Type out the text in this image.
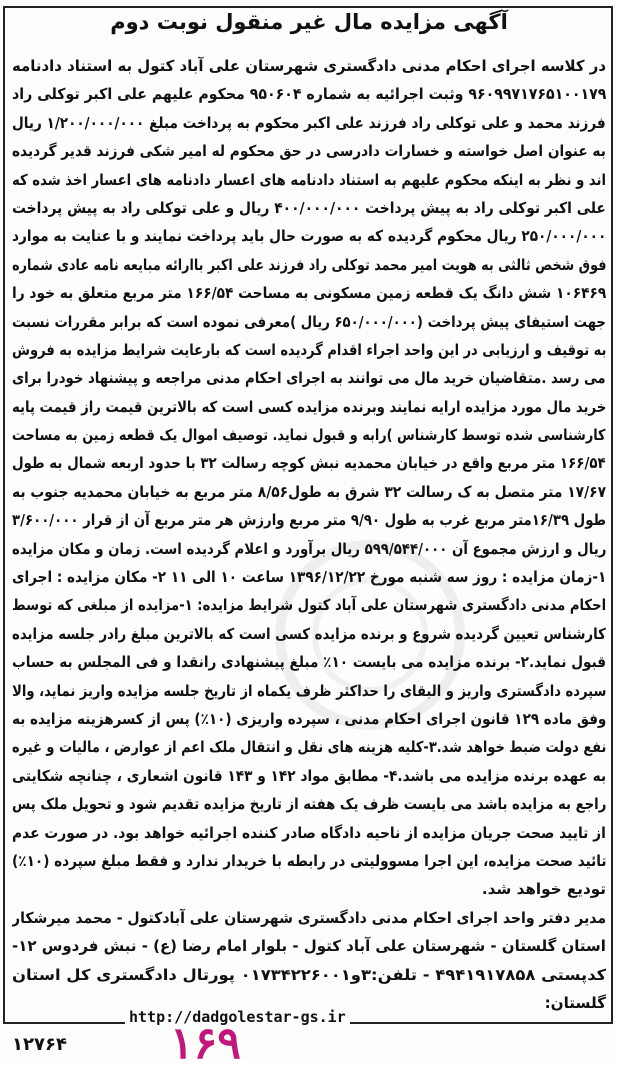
آگهی مزایده مال غیر منقول نوبت دوم
در کلاسه اجرای احکام مدنی دادگستری شهرستان علی آباد کتول به استناد دادنامه
۹۶۰۹۹۷۱۷۶۵۱۰۰۱۷۹ وثبت اجرائیه به شماره ۹۵۰۶۰۴ محکوم علیهم علی اکبر توکلی راد
فرزند محمد و علی توکلی راد فرزند علی اکبر محکوم به پرداخت مبلغ ۱/۲۰۰/۰۰۰/۰۰۰ ریال
به عنوان اصل خواسته و خسارات دادرسی در حق محکوم له امیر شکی فرزند قدیر گردیده
اند و نظر به اینکه محکوم علیهم به استناد دادنامه های اعسار دادنامه های اعسار اخذ شده که
علی اکبر توکلی راد به پیش پرداخت ۴۰۰/۰۰۰/۰۰۰ ریال و علی توکلی راد به پیش پرداخت
۲۵۰/۰۰۰/۰۰۰ ریال محکوم گردیده که به صورت حال باید پرداخت نمایند و با عنایت به موارد
فوق شخص ثالثی به هویت امیر محمد توکلی راد فرزند علی اکبر باارائه مبایعه نامه عادی شماره
۱۰۶۴۶۹ شش دانگ یک قطعه زمین مسکونی به مساحت ۱۶۶/۵۴ متر مربع متعلق به خود را
جهت استیفای پیش پرداخت (۶۵۰/۰۰۰/۰۰۰ ریال )معرفی نموده است که برابر مقررات نسبت
به توقیف و ارزیابی در این واحد اجراء اقدام گردیده است که بارعایت شرایط مزایده به فروش
می رسد .متقاضیان خرید مال می توانند به اجرای احکام مدنی مراجعه و پیشنهاد خودرا برای
خرید مال مورد مزایده ارایه نمایند وبرنده مزایده کسی است که بالاترین قیمت راز قیمت پایه
کارشناسی شده توسط کارشناس )رابه و قبول نماید. توصیف اموال یک قطعه زمین به مساحت
۱۶۶/۵۴ متر مربع واقع در خیابان محمدیه نبش کوچه رسالت ۳۲ با حدود اربعه شمال به طول
۱۷/۶۷ متر متصل به ک رسالت ۳۲ شرق به طول۸/۵۶ متر مربع به خیابان محمدیه جنوب به
طول ۱۶/۳۹متر مربع غرب به طول ۹/۹۰ متر مربع وارزش هر متر مربع آن از قرار ۳/۶۰۰/۰۰۰
ریال و ارزش مجموع آن ۵۹۹/۵۴۴/۰۰۰ ریال برآورد و اعلام گردیده است. زمان و مکان مزایده
۱-زمان مزایده : روز سه شنبه مورخ ۱۳۹۶/۱۲/۲۲ ساعت ۱۰ الی ۱۱ ۲- مکان مزایده : اجرای
احکام مدنی دادگستری شهرستان علی آباد کتول شرایط مزایده: ۱-مزایده از مبلغی که توسط
کارشناس تعیین گردیده شروع و برنده مزایده کسی است که بالاترین مبلغ رادر جلسه مزایده
قبول نماید.۲- برنده مزایده می بایست ۱۰٪ مبلغ پیشنهادی رانقدا و فی المجلس به حساب
سپرده دادگستری واریز و البقای را حداکثر ظرف یکماه از تاریخ جلسه مزایده واریز نماید، والا
وفق ماده ۱۲۹ قانون اجرای احکام مدنی ، سپرده واریزی (۱۰٪) پس از کسرهزینه مزایده به
نفع دولت ضبط خواهد شد.۳-کلیه هزینه های نقل و انتقال ملک اعم از عوارض ، مالیات و غیره
به عهده برنده مزایده می باشد.۴- مطابق مواد ۱۴۲ و ۱۴۳ قانون اشعاری ، چنانچه شکایتی
راجع به مزایده باشد می بایست ظرف یک هفته از تاریخ مزایده تقدیم شود و تحویل ملک پس
از تایید صحت جریان مزایده از ناحیه دادگاه صادر کننده اجرائیه خواهد بود. در صورت عدم
تائید صحت مزایده، این اجرا مسوولیتی در رابطه با خریدار ندارد و فقط مبلغ سپرده (۱۰٪)
توديع خواهد شد.
مدیر دفتر واحد اجرای احکام مدنی دادگستری شهرستان علی آبادکتول - محمد میرشکار
استان گلستان - شهرستان علی آباد کتول - بلوار امام رضا (ع) - نبش فردوس ۱۲-
کدپستی ۴۹۴۱۹۱۷۸۵۸ - تلفن:۳و۰۱۷۳۴۲۲۶۰۰۱ پورتال دادگستری کل استان
گلستان:
http://dadgolestar-gs.ir
۱۶۹
۱۲۷۶۴
